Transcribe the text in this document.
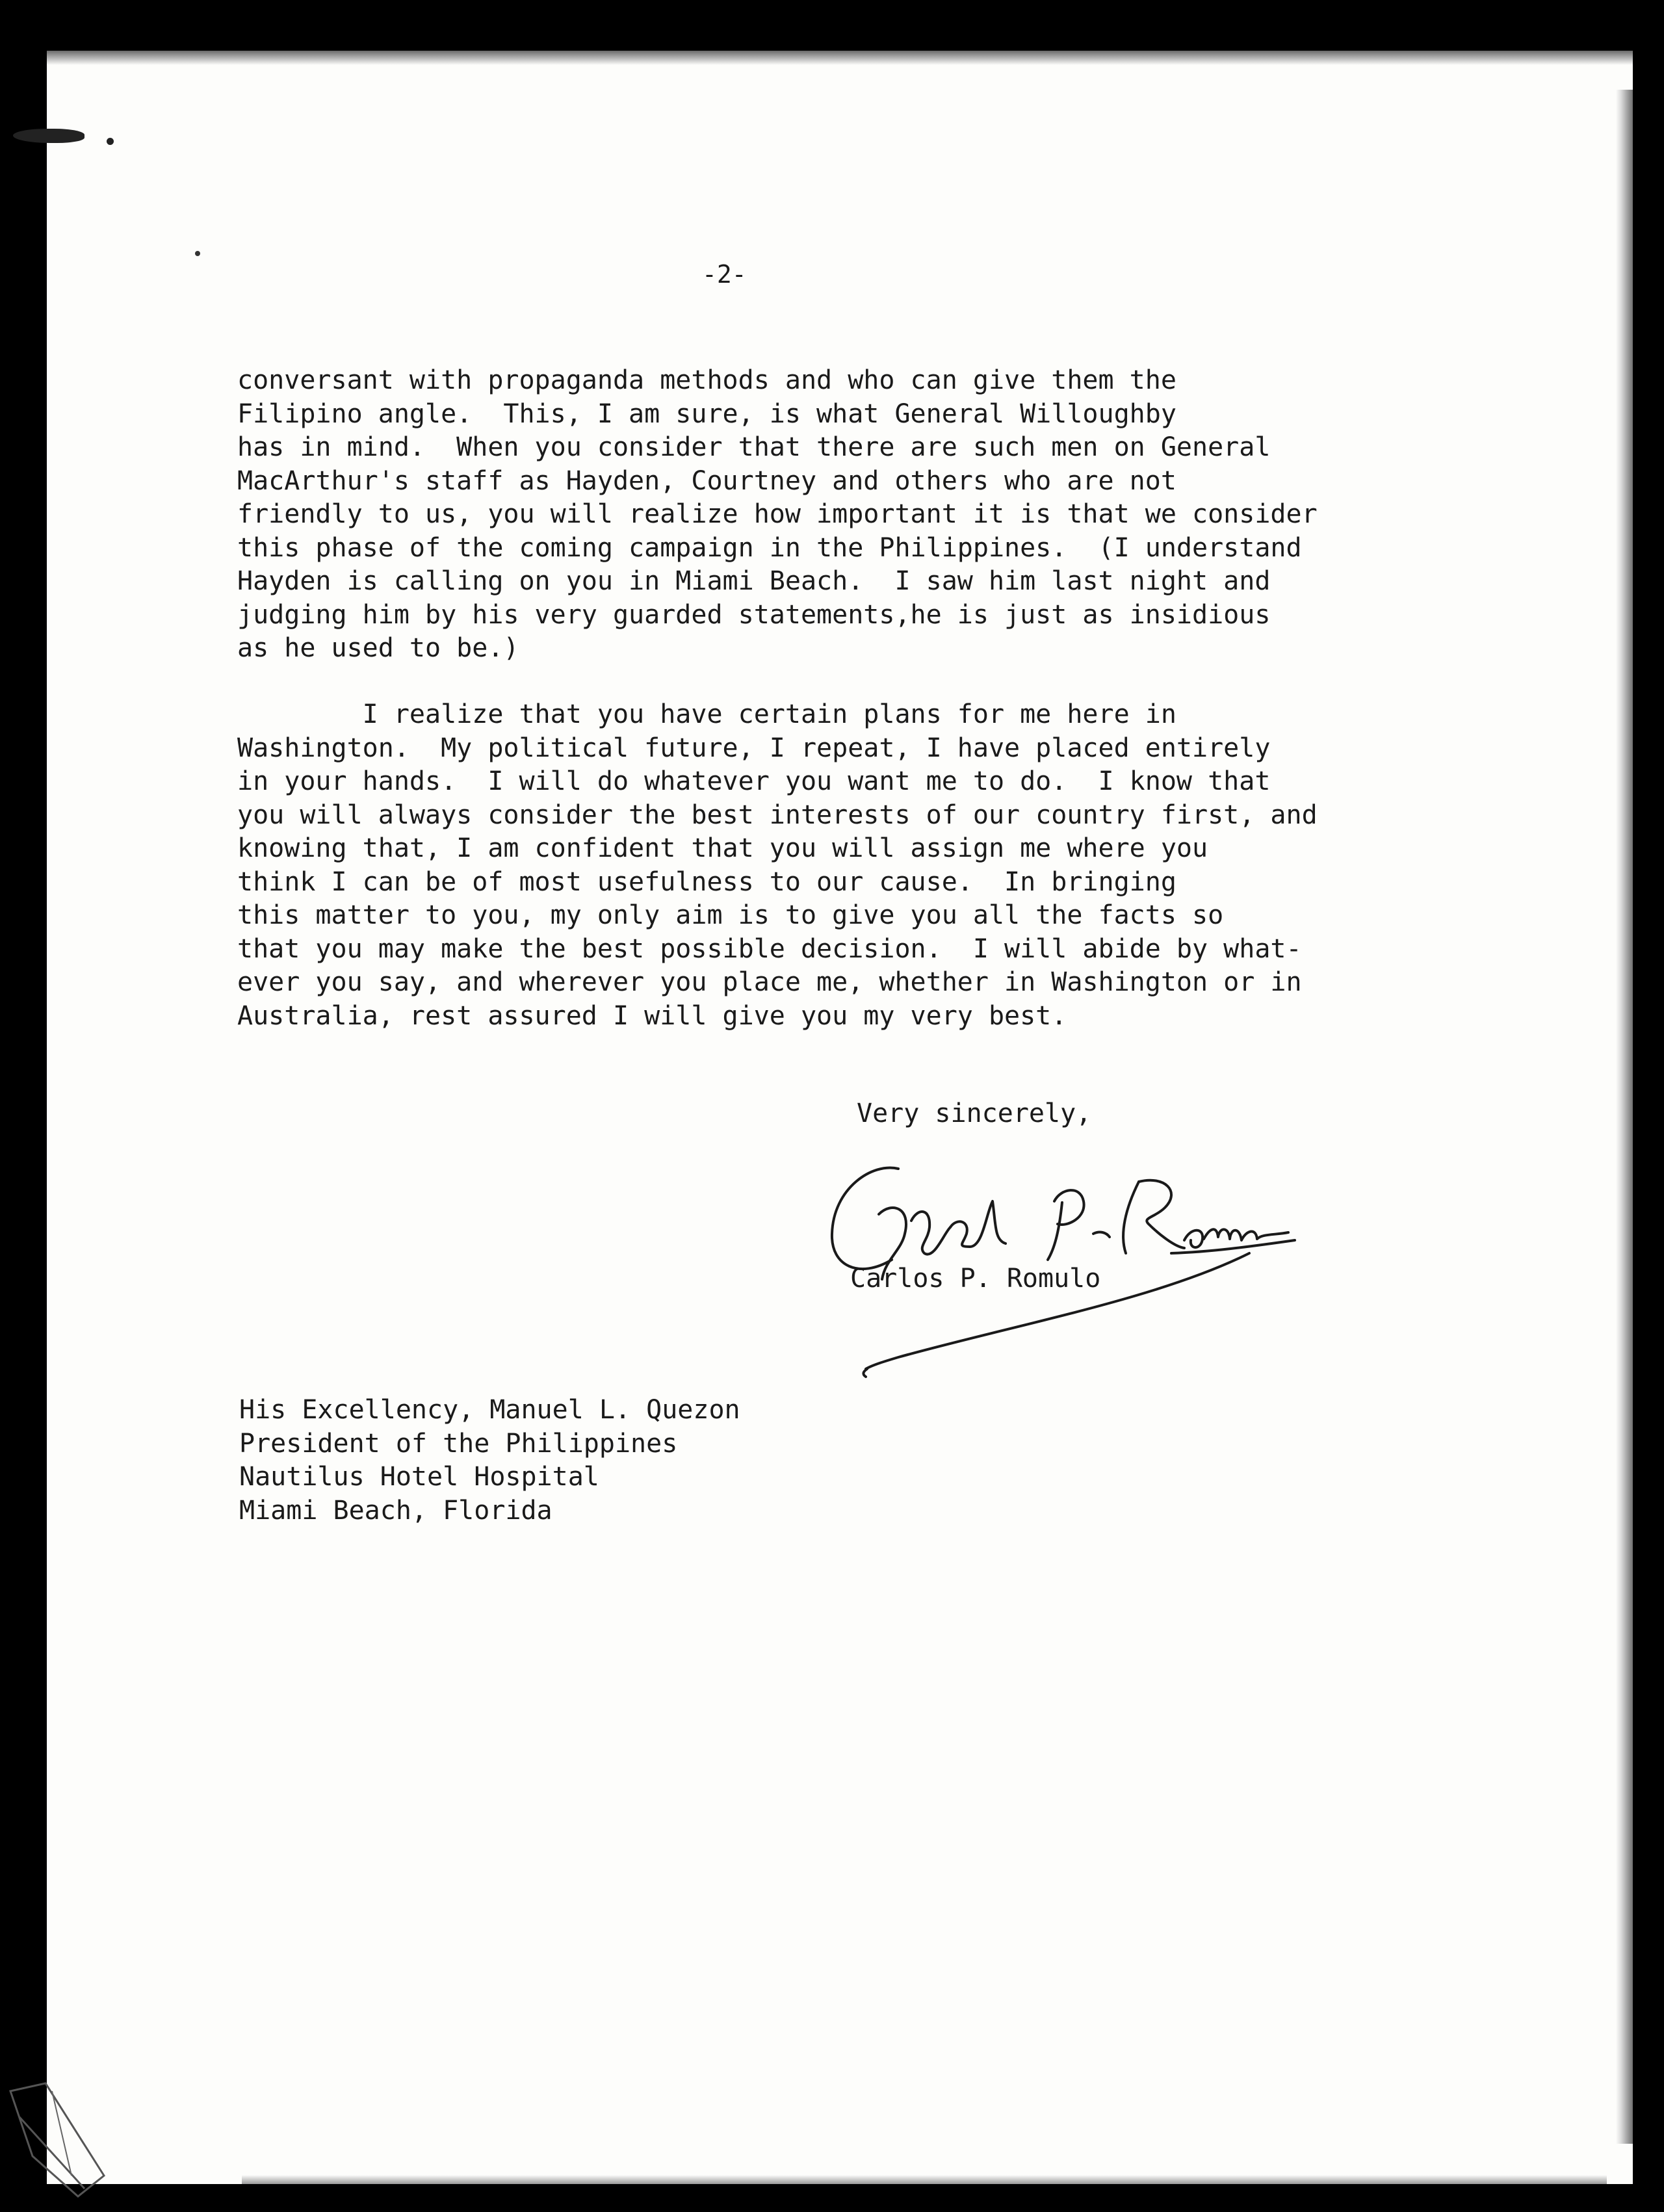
-2-
conversant with propaganda methods and who can give them the
Filipino angle.  This, I am sure, is what General Willoughby
has in mind.  When you consider that there are such men on General
MacArthur's staff as Hayden, Courtney and others who are not
friendly to us, you will realize how important it is that we consider
this phase of the coming campaign in the Philippines.  (I understand
Hayden is calling on you in Miami Beach.  I saw him last night and
judging him by his very guarded statements,he is just as insidious
as he used to be.)
I realize that you have certain plans for me here in
Washington.  My political future, I repeat, I have placed entirely
in your hands.  I will do whatever you want me to do.  I know that
you will always consider the best interests of our country first, and
knowing that, I am confident that you will assign me where you
think I can be of most usefulness to our cause.  In bringing
this matter to you, my only aim is to give you all the facts so
that you may make the best possible decision.  I will abide by what-
ever you say, and wherever you place me, whether in Washington or in
Australia, rest assured I will give you my very best.
Very sincerely,
Carlos P. Romulo
His Excellency, Manuel L. Quezon
President of the Philippines
Nautilus Hotel Hospital
Miami Beach, Florida
